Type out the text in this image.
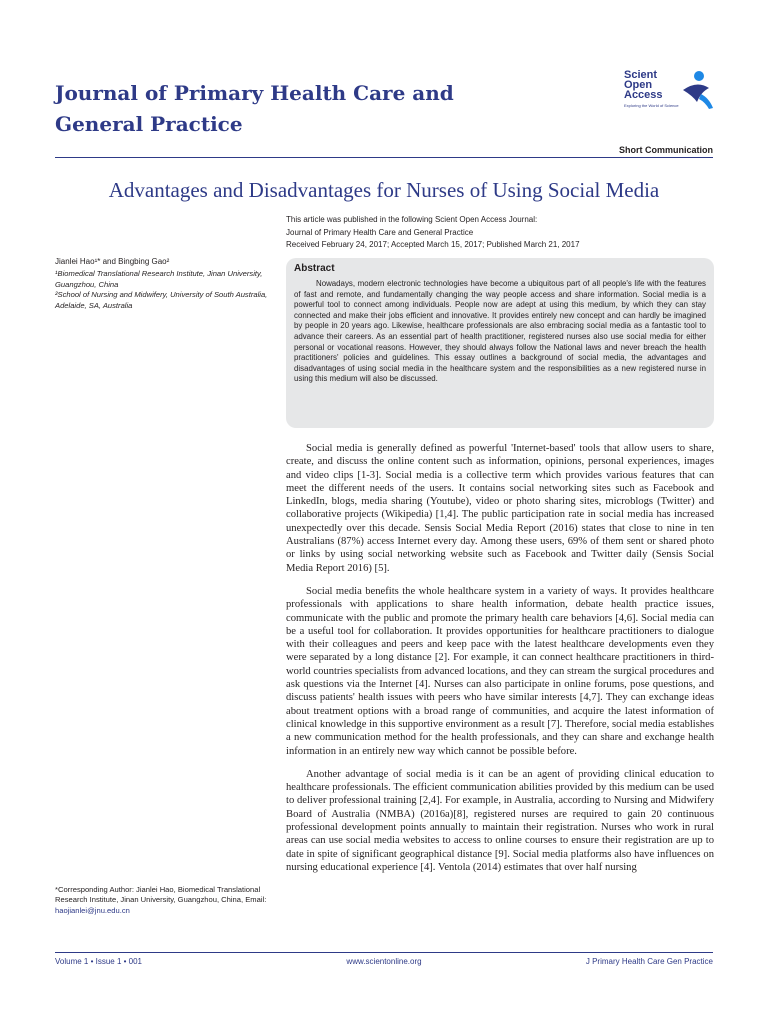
Journal of Primary Health Care and
General Practice
Scient
Open
Access
Exploring the World of Science
Short Communication
Advantages and Disadvantages for Nurses of Using Social Media
This article was published in the following Scient Open Access Journal:
Journal of Primary Health Care and General Practice
Received February 24, 2017; Accepted March 15, 2017; Published March 21, 2017
Jianlei Hao¹* and Bingbing Gao²
¹Biomedical Translational Research Institute, Jinan University, Guangzhou, China
²School of Nursing and Midwifery, University of South Australia, Adelaide, SA, Australia
Abstract
Nowadays, modern electronic technologies have become a ubiquitous part of all people's life with the features of fast and remote, and fundamentally changing the way people access and share information. Social media is a powerful tool to connect among individuals. People now are adept at using this medium, by which they can stay connected and make their jobs efficient and innovative. It provides entirely new concept and can hardly be imagined by people in 20 years ago. Likewise, healthcare professionals are also embracing social media as a fantastic tool to advance their careers. As an essential part of health practitioner, registered nurses also use social media for either personal or vocational reasons. However, they should always follow the National laws and never breach the health practitioners' policies and guidelines. This essay outlines a background of social media, the advantages and disadvantages of using social media in the healthcare system and the responsibilities as a new registered nurse in using this medium will also be discussed.

Social media is generally defined as powerful 'Internet-based' tools that allow users to share, create, and discuss the online content such as information, opinions, personal experiences, images and video clips [1-3]. Social media is a collective term which provides various features that can meet the different needs of the users. It contains social networking sites such as Facebook and LinkedIn, blogs, media sharing (Youtube), video or photo sharing sites, microblogs (Twitter) and collaborative projects (Wikipedia) [1,4]. The public participation rate in social media has increased unexpectedly over this decade. Sensis Social Media Report (2016) states that close to nine in ten Australians (87%) access Internet every day. Among these users, 69% of them sent or shared photo or links by using social networking website such as Facebook and Twitter daily (Sensis Social Media Report 2016) [5].

Social media benefits the whole healthcare system in a variety of ways. It provides healthcare professionals with applications to share health information, debate health practice issues, communicate with the public and promote the primary health care behaviors [4,6]. Social media can be a useful tool for collaboration. It provides opportunities for healthcare practitioners to dialogue with their colleagues and peers and keep pace with the latest healthcare developments even they were separated by a long distance [2]. For example, it can connect healthcare practitioners in third-world countries specialists from advanced locations, and they can stream the surgical procedures and ask questions via the Internet [4]. Nurses can also participate in online forums, pose questions, and discuss patients' health issues with peers who have similar interests [4,7]. They can exchange ideas about treatment options with a broad range of communities, and acquire the latest information of clinical knowledge in this supportive environment as a result [7]. Therefore, social media establishes a new communication method for the health professionals, and they can share and exchange health information in an entirely new way which cannot be possible before.

Another advantage of social media is it can be an agent of providing clinical education to healthcare professionals. The efficient communication abilities provided by this medium can be used to deliver professional training [2,4]. For example, in Australia, according to Nursing and Midwifery Board of Australia (NMBA) (2016a)[8], registered nurses are required to gain 20 continuous professional development points annually to maintain their registration. Nurses who work in rural areas can use social media websites to access to online courses to ensure their registration are up to date in spite of significant geographical distance [9]. Social media platforms also have influences on nursing educational experience [4]. Ventola (2014) estimates that over half nursing

*Corresponding Author: Jianlei Hao, Biomedical Translational Research Institute, Jinan University, Guangzhou, China, Email: haojianlei@jnu.edu.cn
Volume 1 • Issue 1 • 001	www.scientonline.org	J Primary Health Care Gen Practice
